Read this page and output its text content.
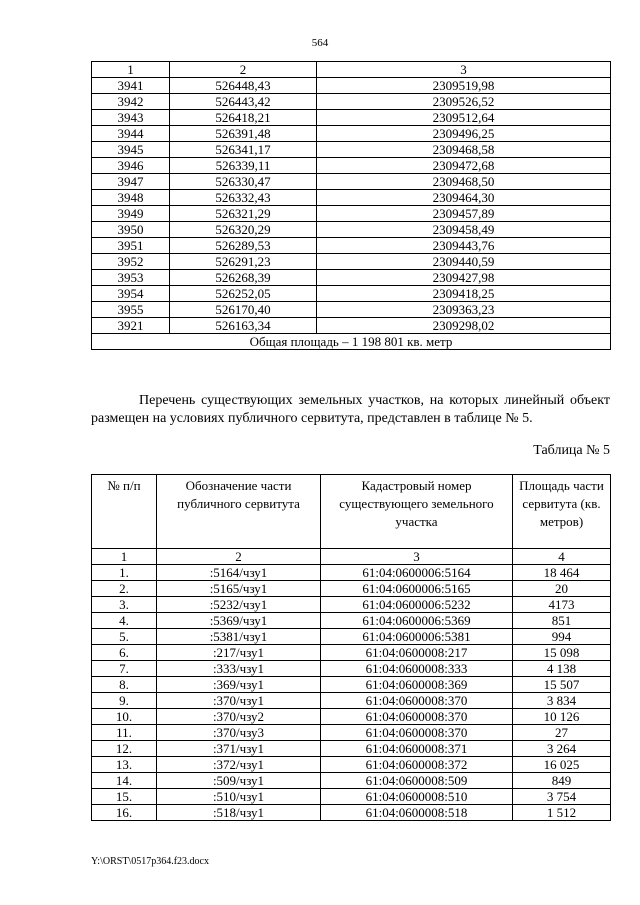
564
1	2	3
3941	526448,43	2309519,98
3942	526443,42	2309526,52
3943	526418,21	2309512,64
3944	526391,48	2309496,25
3945	526341,17	2309468,58
3946	526339,11	2309472,68
3947	526330,47	2309468,50
3948	526332,43	2309464,30
3949	526321,29	2309457,89
3950	526320,29	2309458,49
3951	526289,53	2309443,76
3952	526291,23	2309440,59
3953	526268,39	2309427,98
3954	526252,05	2309418,25
3955	526170,40	2309363,23
3921	526163,34	2309298,02
Общая площадь – 1 198 801 кв. метр		

Перечень существующих земельных участков, на которых линейный объект размещен на условиях публичного сервитута, представлен в таблице № 5.

Таблица № 5
№ п/п	Обозначение части публичного сервитута	Кадастровый номер существующего земельного участка	Площадь части сервитута (кв. метров)
1	2	3	4
1.	:5164/чзу1	61:04:0600006:5164	18 464
2.	:5165/чзу1	61:04:0600006:5165	20
3.	:5232/чзу1	61:04:0600006:5232	4173
4.	:5369/чзу1	61:04:0600006:5369	851
5.	:5381/чзу1	61:04:0600006:5381	994
6.	:217/чзу1	61:04:0600008:217	15 098
7.	:333/чзу1	61:04:0600008:333	4 138
8.	:369/чзу1	61:04:0600008:369	15 507
9.	:370/чзу1	61:04:0600008:370	3 834
10.	:370/чзу2	61:04:0600008:370	10 126
11.	:370/чзу3	61:04:0600008:370	27
12.	:371/чзу1	61:04:0600008:371	3 264
13.	:372/чзу1	61:04:0600008:372	16 025
14.	:509/чзу1	61:04:0600008:509	849
15.	:510/чзу1	61:04:0600008:510	3 754
16.	:518/чзу1	61:04:0600008:518	1 512
Y:\ORST\0517p364.f23.docx
